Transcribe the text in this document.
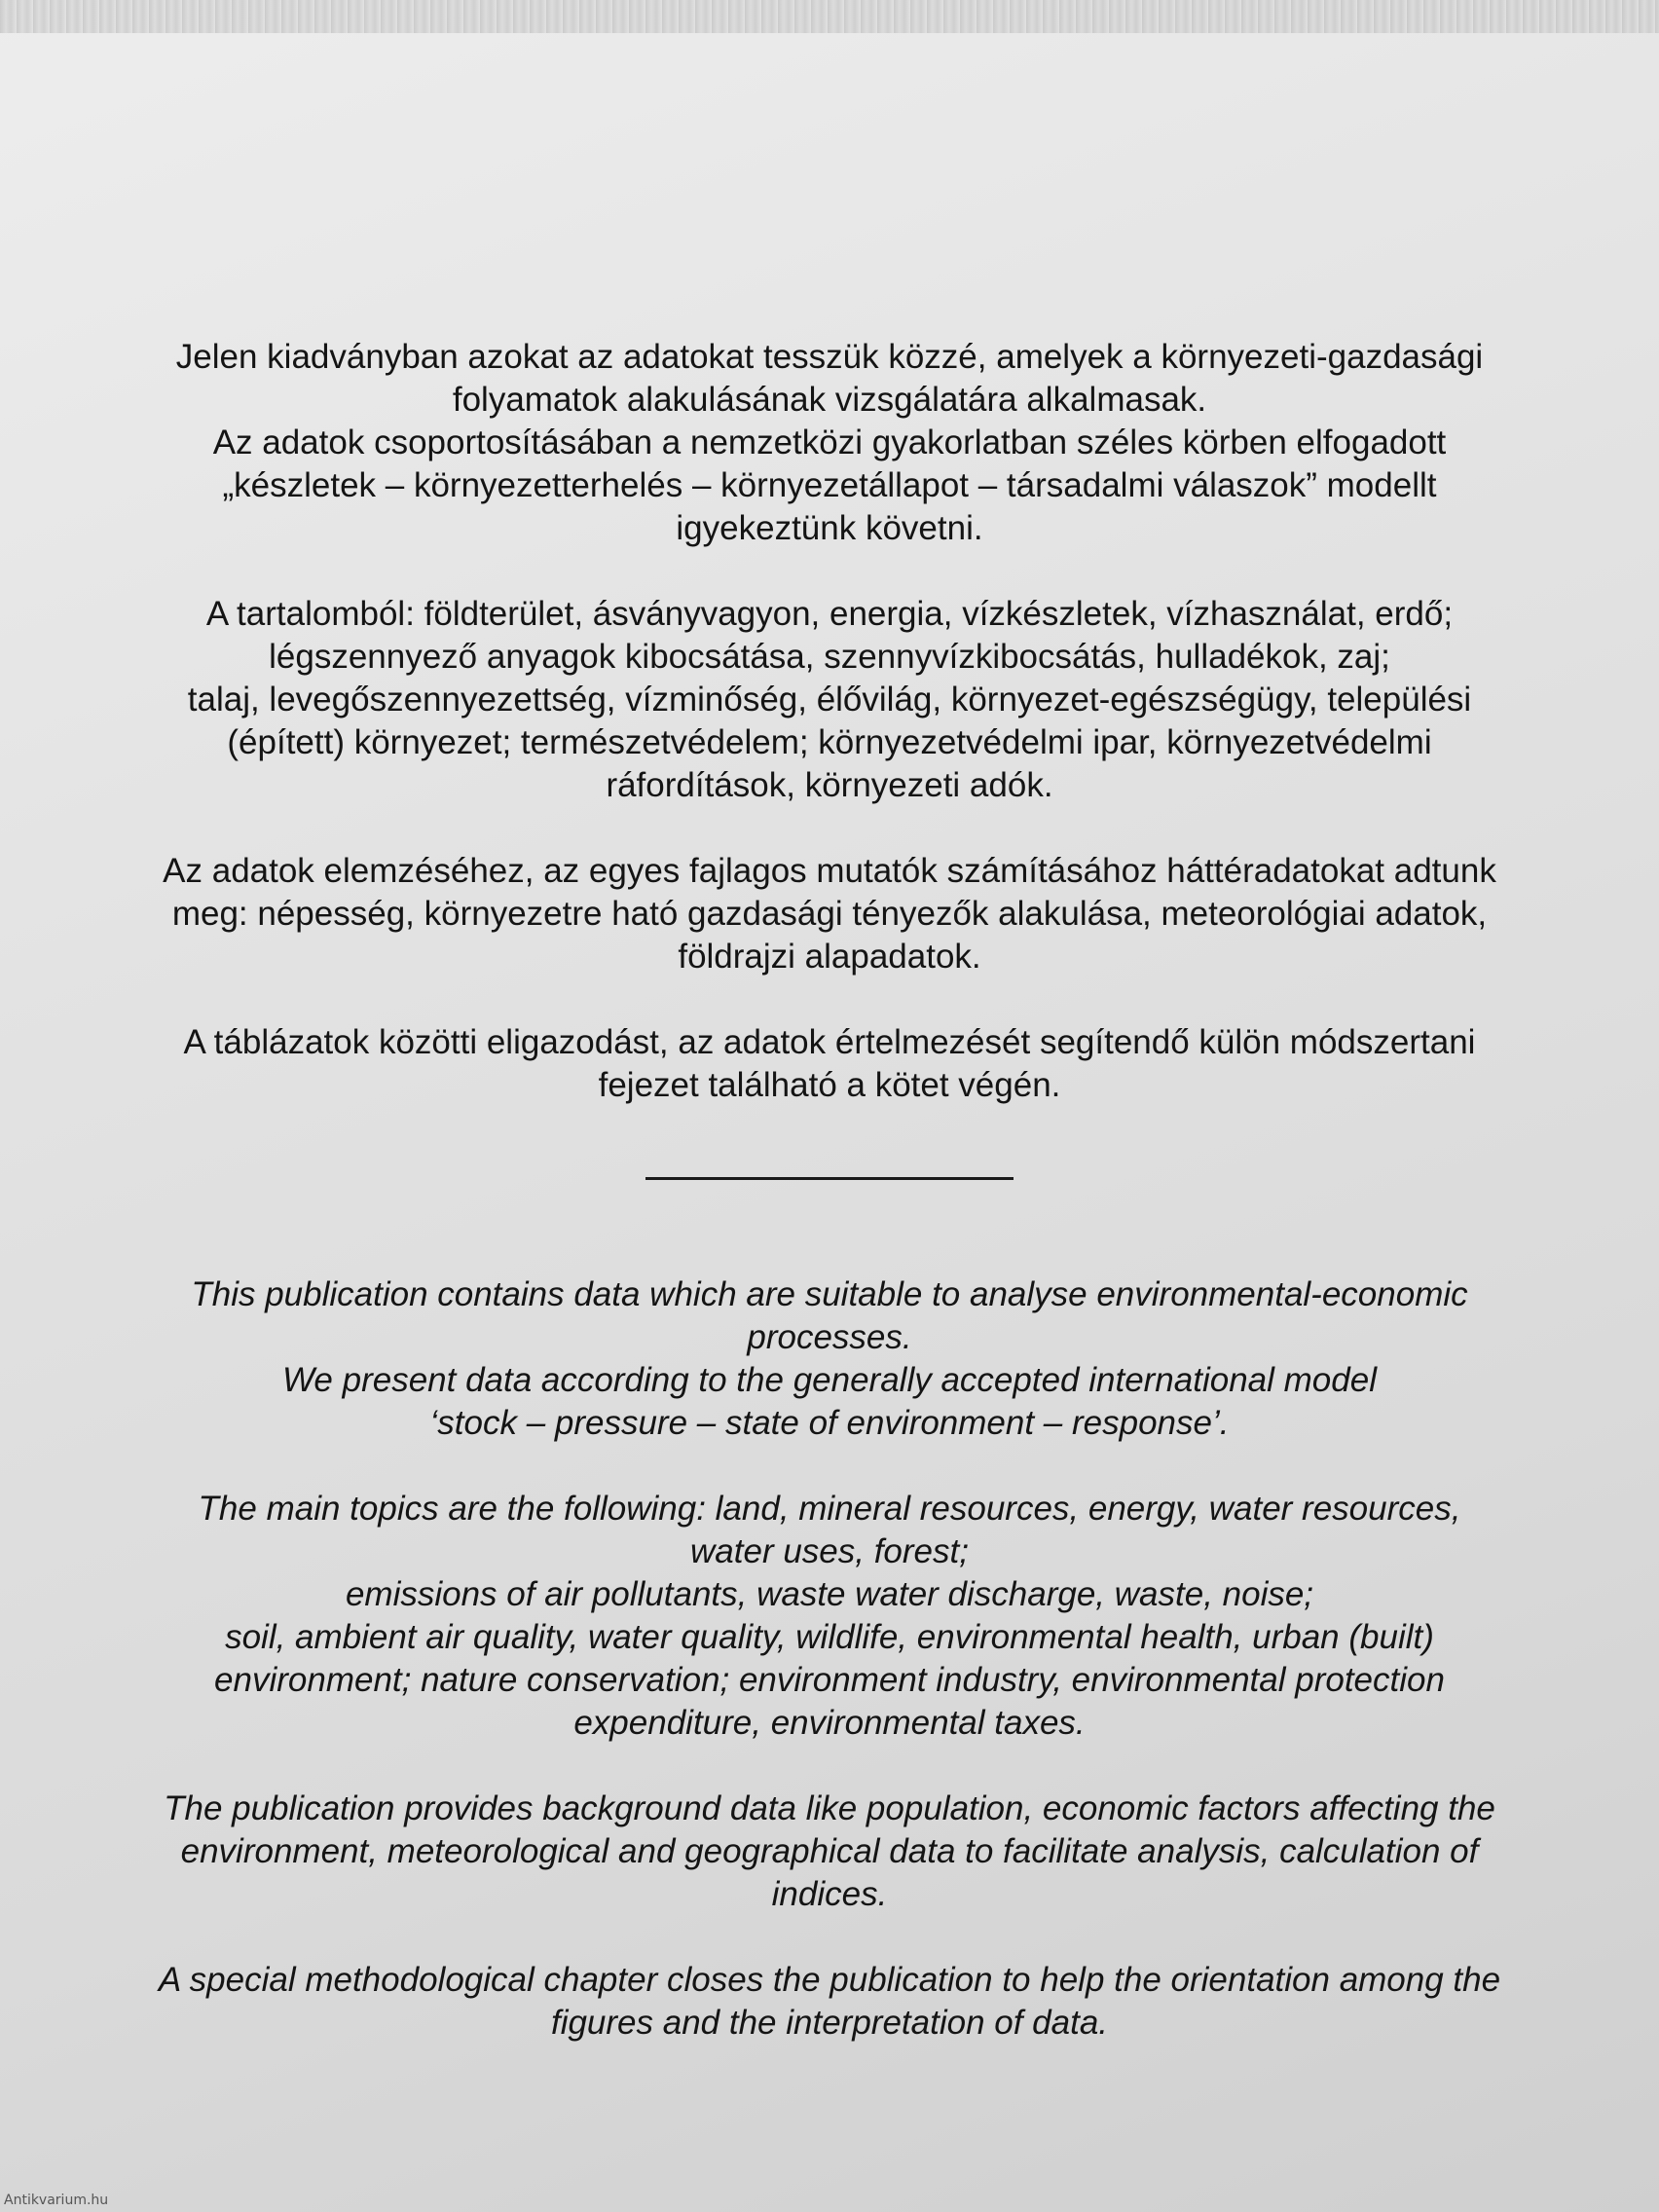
Jelen kiadványban azokat az adatokat tesszük közzé, amelyek a környezeti-gazdasági
folyamatok alakulásának vizsgálatára alkalmasak.
Az adatok csoportosításában a nemzetközi gyakorlatban széles körben elfogadott
„készletek – környezetterhelés – környezetállapot – társadalmi válaszok” modellt
igyekeztünk követni.
A tartalomból: földterület, ásványvagyon, energia, vízkészletek, vízhasználat, erdő;
légszennyező anyagok kibocsátása, szennyvízkibocsátás, hulladékok, zaj;
talaj, levegőszennyezettség, vízminőség, élővilág, környezet-egészségügy, települési
(épített) környezet; természetvédelem; környezetvédelmi ipar, környezetvédelmi
ráfordítások, környezeti adók.
Az adatok elemzéséhez, az egyes fajlagos mutatók számításához háttéradatokat adtunk
meg: népesség, környezetre ható gazdasági tényezők alakulása, meteorológiai adatok,
földrajzi alapadatok.
A táblázatok közötti eligazodást, az adatok értelmezését segítendő külön módszertani
fejezet található a kötet végén.
This publication contains data which are suitable to analyse environmental-economic
processes.
We present data according to the generally accepted international model
‘stock – pressure – state of environment – response’.
The main topics are the following: land, mineral resources, energy, water resources,
water uses, forest;
emissions of air pollutants, waste water discharge, waste, noise;
soil, ambient air quality, water quality, wildlife, environmental health, urban (built)
environment; nature conservation; environment industry, environmental protection
expenditure, environmental taxes.
The publication provides background data like population, economic factors affecting the
environment, meteorological and geographical data to facilitate analysis, calculation of
indices.
A special methodological chapter closes the publication to help the orientation among the
figures and the interpretation of data.
Antikvarium.hu
